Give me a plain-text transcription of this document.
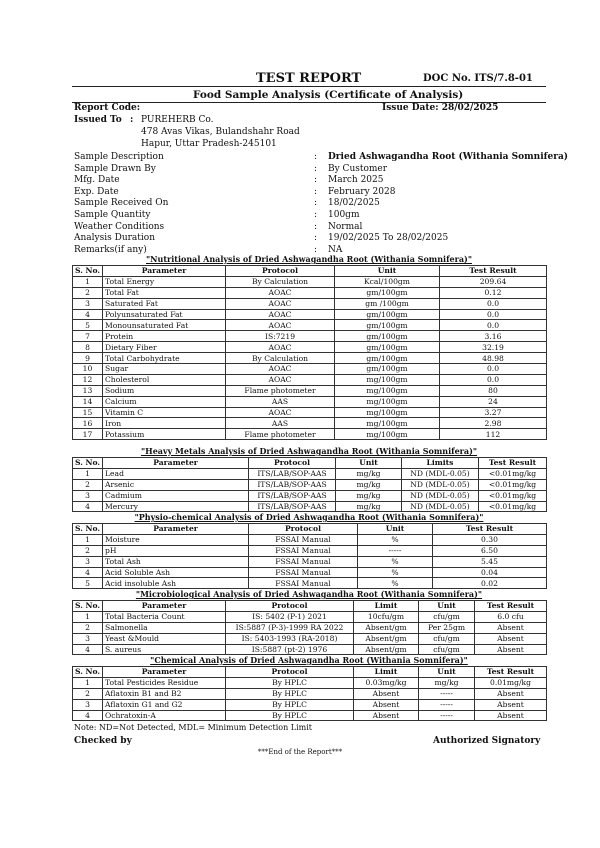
TEST REPORT	DOC No. ITS/7.8-01
Food Sample Analysis (Certificate of Analysis)
Report Code:	Issue Date: 28/02/2025
Issued To : PUREHERB Co.
478 Avas Vikas, Bulandshahr Road
Hapur, Uttar Pradesh-245101
Sample Description	: Dried Ashwagandha Root (Withania Somnifera)
Sample Drawn By	: By Customer
Mfg. Date	: March 2025
Exp. Date	: February 2028
Sample Received On	: 18/02/2025
Sample Quantity	: 100gm
Weather Conditions	: Normal
Analysis Duration	: 19/02/2025 To 28/02/2025
Remarks(if any)	: NA
"Nutritional Analysis of Dried Ashwagandha Root (Withania Somnifera)"
S. No.	Parameter	Protocol	Unit	Test Result
1	Total Energy	By Calculation	Kcal/100gm	209.64
2	Total Fat	AOAC	gm/100gm	0.12
3	Saturated Fat	AOAC	gm /100gm	0.0
4	Polyunsaturated Fat	AOAC	gm/100gm	0.0
5	Monounsaturated Fat	AOAC	gm/100gm	0.0
7	Protein	IS:7219	gm/100gm	3.16
8	Dietary Fiber	AOAC	gm/100gm	32.19
9	Total Carbohydrate	By Calculation	gm/100gm	48.98
10	Sugar	AOAC	gm/100gm	0.0
12	Cholesterol	AOAC	mg/100gm	0.0
13	Sodium	Flame photometer	mg/100gm	80
14	Calcium	AAS	mg/100gm	24
15	Vitamin C	AOAC	mg/100gm	3.27
16	Iron	AAS	mg/100gm	2.98
17	Potassium	Flame photometer	mg/100gm	112
"Heavy Metals Analysis of Dried Ashwagandha Root (Withania Somnifera)"
S. No.	Parameter	Protocol	Unit	Limits	Test Result
1	Lead	ITS/LAB/SOP-AAS	mg/kg	ND (MDL-0.05)	<0.01mg/kg
2	Arsenic	ITS/LAB/SOP-AAS	mg/kg	ND (MDL-0.05)	<0.01mg/kg
3	Cadmium	ITS/LAB/SOP-AAS	mg/kg	ND (MDL-0.05)	<0.01mg/kg
4	Mercury	ITS/LAB/SOP-AAS	mg/kg	ND (MDL-0.05)	<0.01mg/kg
"Physio-chemical Analysis of Dried Ashwagandha Root (Withania Somnifera)"
S. No.	Parameter	Protocol	Unit	Test Result
1	Moisture	FSSAI Manual	%	0.30
2	pH	FSSAI Manual	-----	6.50
3	Total Ash	FSSAI Manual	%	5.45
4	Acid Soluble Ash	FSSAI Manual	%	0.04
5	Acid insoluble Ash	FSSAI Manual	%	0.02
"Microbiological Analysis of Dried Ashwagandha Root (Withania Somnifera)"
S. No.	Parameter	Protocol	Limit	Unit	Test Result
1	Total Bacteria Count	IS: 5402 (P-1) 2021	10cfu/gm	cfu/gm	6.0 cfu
2	Salmonella	IS:5887 (P-3)-1999 RA 2022	Absent/gm	Per 25gm	Absent
3	Yeast &Mould	IS: 5403-1993 (RA-2018)	Absent/gm	cfu/gm	Absent
4	S. aureus	IS:5887 (pt-2) 1976	Absent/gm	cfu/gm	Absent
"Chemical Analysis of Dried Ashwagandha Root (Withania Somnifera)"
S. No.	Parameter	Protocol	Limit	Unit	Test Result
1	Total Pesticides Residue	By HPLC	0.03mg/kg	mg/kg	0.01mg/kg
2	Aflatoxin B1 and B2	By HPLC	Absent	-----	Absent
3	Aflatoxin G1 and G2	By HPLC	Absent	-----	Absent
4	Ochratoxin-A	By HPLC	Absent	-----	Absent
Note: ND=Not Detected, MDL= Minimum Detection Limit
Checked by	Authorized Signatory
***End of the Report***
